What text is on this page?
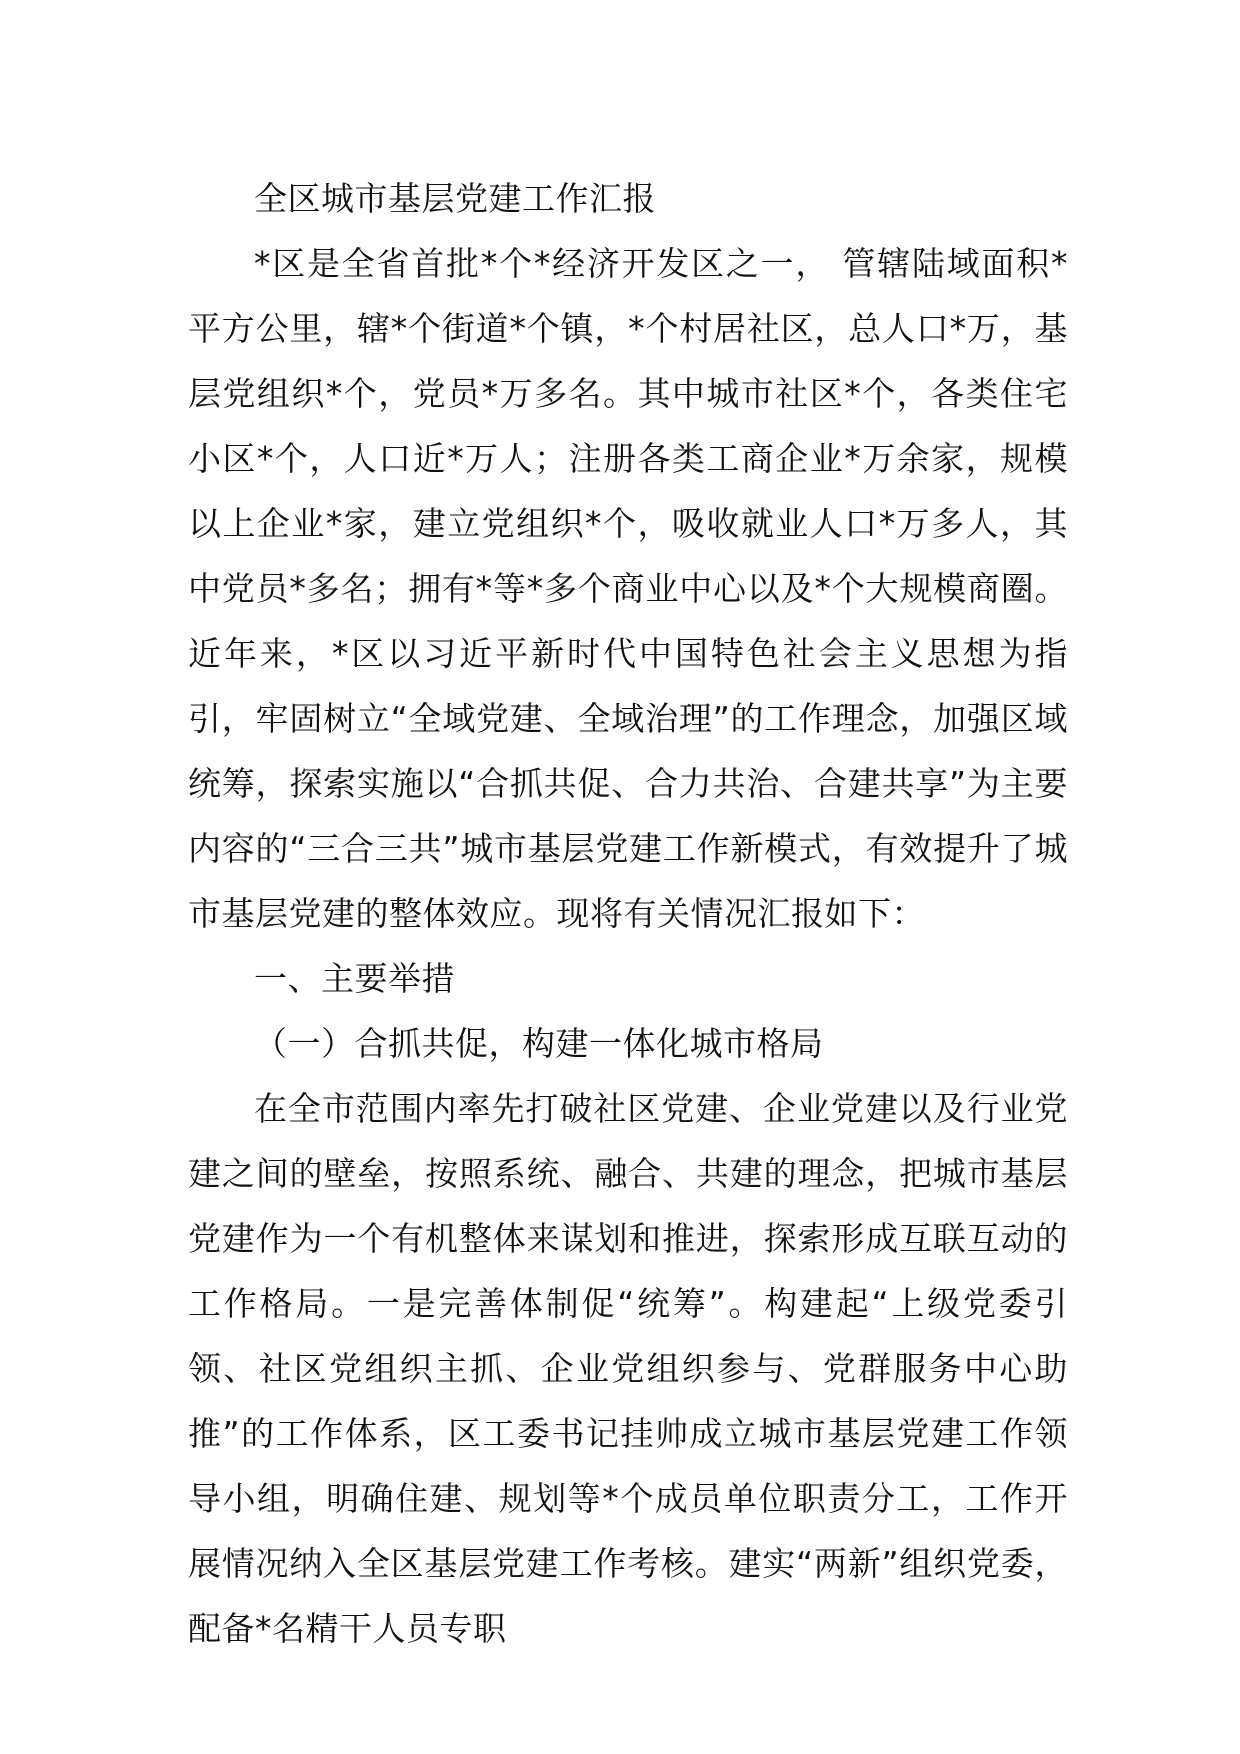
全区城市基层党建工作汇报

*区是全省首批*个*经济开发区之一， 管辖陆域面积*平方公里，辖*个街道*个镇，*个村居社区，总人口*万，基层党组织*个，党员*万多名。其中城市社区*个，各类住宅小区*个，人口近*万人；注册各类工商企业*万余家，规模以上企业*家，建立党组织*个，吸收就业人口*万多人，其中党员*多名；拥有*等*多个商业中心以及*个大规模商圈。近年来，*区以习近平新时代中国特色社会主义思想为指引，牢固树立“全域党建、全域治理”的工作理念，加强区域统筹，探索实施以“合抓共促、合力共治、合建共享”为主要内容的“三合三共”城市基层党建工作新模式，有效提升了城市基层党建的整体效应。现将有关情况汇报如下：

一、主要举措

（一）合抓共促，构建一体化城市格局

在全市范围内率先打破社区党建、企业党建以及行业党建之间的壁垒，按照系统、融合、共建的理念，把城市基层党建作为一个有机整体来谋划和推进，探索形成互联互动的工作格局。一是完善体制促“统筹”。构建起“上级党委引领、社区党组织主抓、企业党组织参与、党群服务中心助推”的工作体系，区工委书记挂帅成立城市基层党建工作领导小组，明确住建、规划等*个成员单位职责分工，工作开展情况纳入全区基层党建工作考核。建实“两新”组织党委，配备*名精干人员专职
